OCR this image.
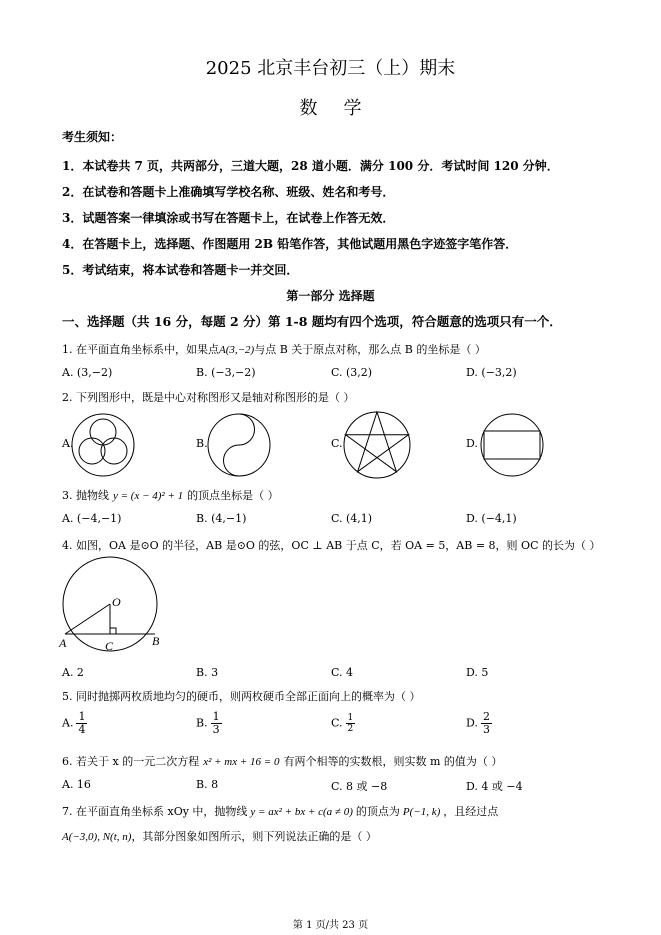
2025 北京丰台初三（上）期末
数学
考生须知：
1．本试卷共 7 页，共两部分，三道大题，28 道小题．满分 100 分．考试时间 120 分钟．
2．在试卷和答题卡上准确填写学校名称、班级、姓名和考号．
3．试题答案一律填涂或书写在答题卡上，在试卷上作答无效．
4．在答题卡上，选择题、作图题用 2B 铅笔作答，其他试题用黑色字迹签字笔作答．
5．考试结束，将本试卷和答题卡一并交回．
第一部分 选择题
一、选择题（共 16 分，每题 2 分）第 1-8 题均有四个选项，符合题意的选项只有一个．
1. 在平面直角坐标系中，如果点A(3,−2)与点 B 关于原点对称，那么点 B 的坐标是（ ）
A. (3,−2)	B. (−3,−2)	C. (3,2)	D. (−3,2)
2. 下列图形中，既是中心对称图形又是轴对称图形的是（ ）
A.	B.	C.	D.
3. 抛物线 y = (x − 4)² + 1 的顶点坐标是（ ）
A. (−4,−1)	B. (4,−1)	C. (4,1)	D. (−4,1)
4. 如图，OA 是⊙O 的半径，AB 是⊙O 的弦，OC ⊥ AB 于点 C，若 OA = 5，AB = 8，则 OC 的长为（ ）
O
A	B
C
A. 2	B. 3	C. 4	D. 5
5. 同时抛掷两枚质地均匀的硬币，则两枚硬币全部正面向上的概率为（ ）
A. $\frac{1}{4}$	B. $\frac{1}{3}$	C. $\frac{1}{2}$	D. $\frac{2}{3}$
6. 若关于 x 的一元二次方程 x² + mx + 16 = 0 有两个相等的实数根，则实数 m 的值为（ ）
A. 16	B. 8	C. 8 或 −8	D. 4 或 −4
7. 在平面直角坐标系 xOy 中，抛物线 y = ax² + bx + c(a ≠ 0) 的顶点为 P(−1, k) ，且经过点
A(−3,0), N(t, n)，其部分图象如图所示，则下列说法正确的是（ ）
第 1 页/共 23 页
